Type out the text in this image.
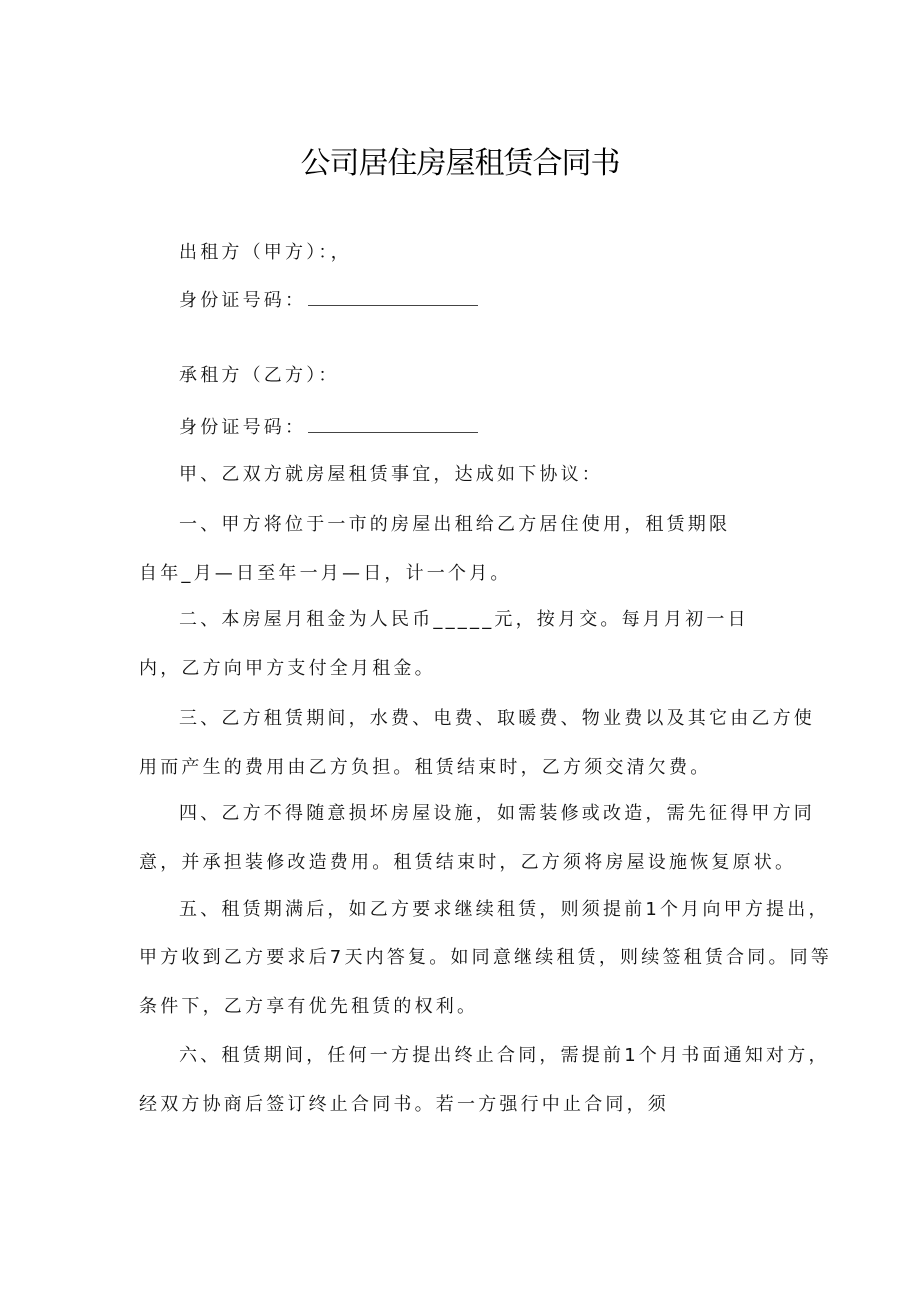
公司居住房屋租赁合同书
出租方（甲方）：，
身份证号码：
承租方（乙方）：
身份证号码：
甲、乙双方就房屋租赁事宜，达成如下协议：
一、甲方将位于一市的房屋出租给乙方居住使用，租赁期限
自年_月—日至年一月—日，计一个月。
二、本房屋月租金为人民币_____元，按月交。每月月初一日
内，乙方向甲方支付全月租金。
三、乙方租赁期间，水费、电费、取暖费、物业费以及其它由乙方使
用而产生的费用由乙方负担。租赁结束时，乙方须交清欠费。
四、乙方不得随意损坏房屋设施，如需装修或改造，需先征得甲方同
意，并承担装修改造费用。租赁结束时，乙方须将房屋设施恢复原状。
五、租赁期满后，如乙方要求继续租赁，则须提前1个月向甲方提出，
甲方收到乙方要求后7天内答复。如同意继续租赁，则续签租赁合同。同等
条件下，乙方享有优先租赁的权利。
六、租赁期间，任何一方提出终止合同，需提前1个月书面通知对方，
经双方协商后签订终止合同书。若一方强行中止合同，须
